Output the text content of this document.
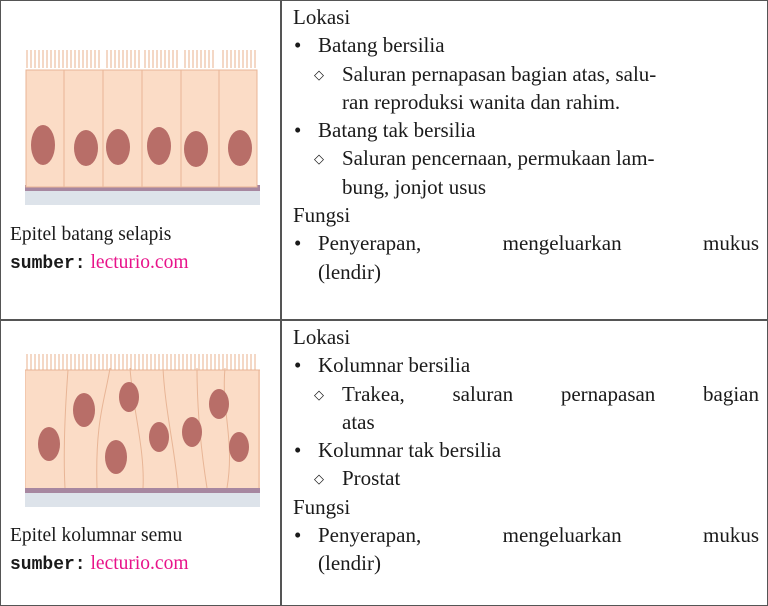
Epitel batang selapis
sumber: lecturio.com
Lokasi
• Batang bersilia
◇ Saluran pernapasan bagian atas, salu-
ran reproduksi wanita dan rahim.
• Batang tak bersilia
◇ Saluran pencernaan, permukaan lam-
bung, jonjot usus
Fungsi
• Penyerapan,	mengeluarkan	mukus
(lendir)
Epitel kolumnar semu
sumber: lecturio.com
Lokasi
• Kolumnar bersilia
◇ Trakea, saluran pernapasan bagian
atas
• Kolumnar tak bersilia
◇ Prostat
Fungsi
• Penyerapan,	mengeluarkan	mukus
(lendir)
